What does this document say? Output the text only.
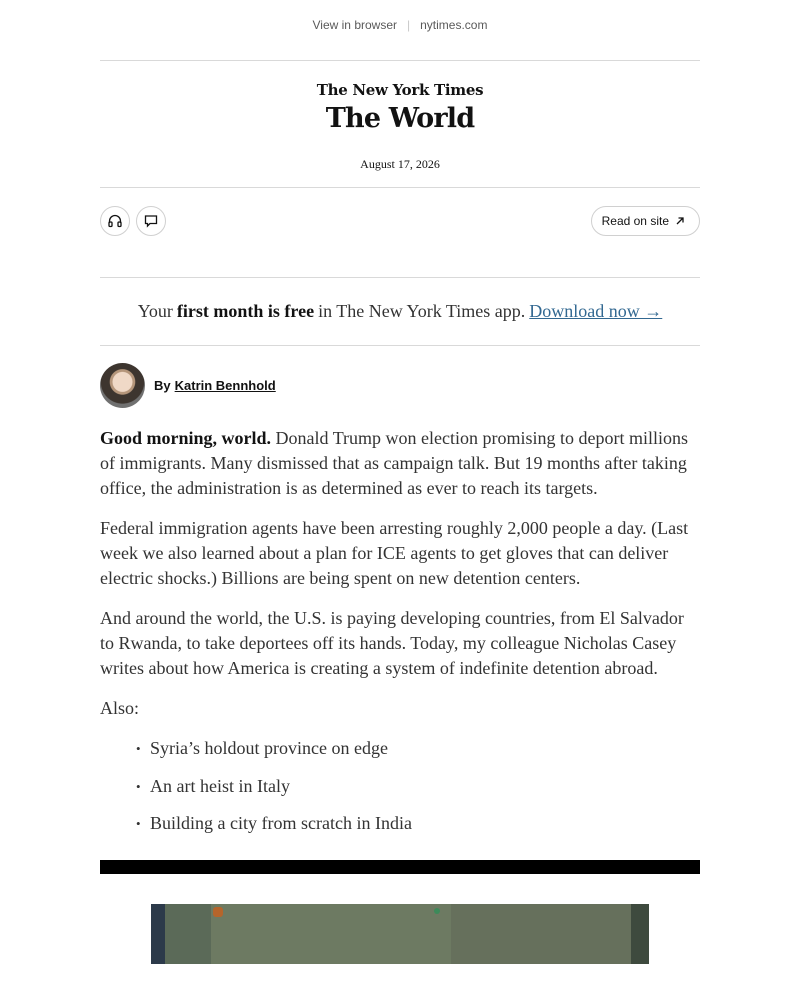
View in browser | nytimes.com
The New York Times
The World
August 17, 2026
Read on site
Your first month is free in The New York Times app. Download now →
By Katrin Bennhold

Good morning, world. Donald Trump won election promising to deport millions of immigrants. Many dismissed that as campaign talk. But 19 months after taking office, the administration is as determined as ever to reach its targets.

Federal immigration agents have been arresting roughly 2,000 people a day. (Last week we also learned about a plan for ICE agents to get gloves that can deliver electric shocks.) Billions are being spent on new detention centers.

And around the world, the U.S. is paying developing countries, from El Salvador to Rwanda, to take deportees off its hands. Today, my colleague Nicholas Casey writes about how America is creating a system of indefinite detention abroad.

Also:

• Syria’s holdout province on edge
• An art heist in Italy
• Building a city from scratch in India
